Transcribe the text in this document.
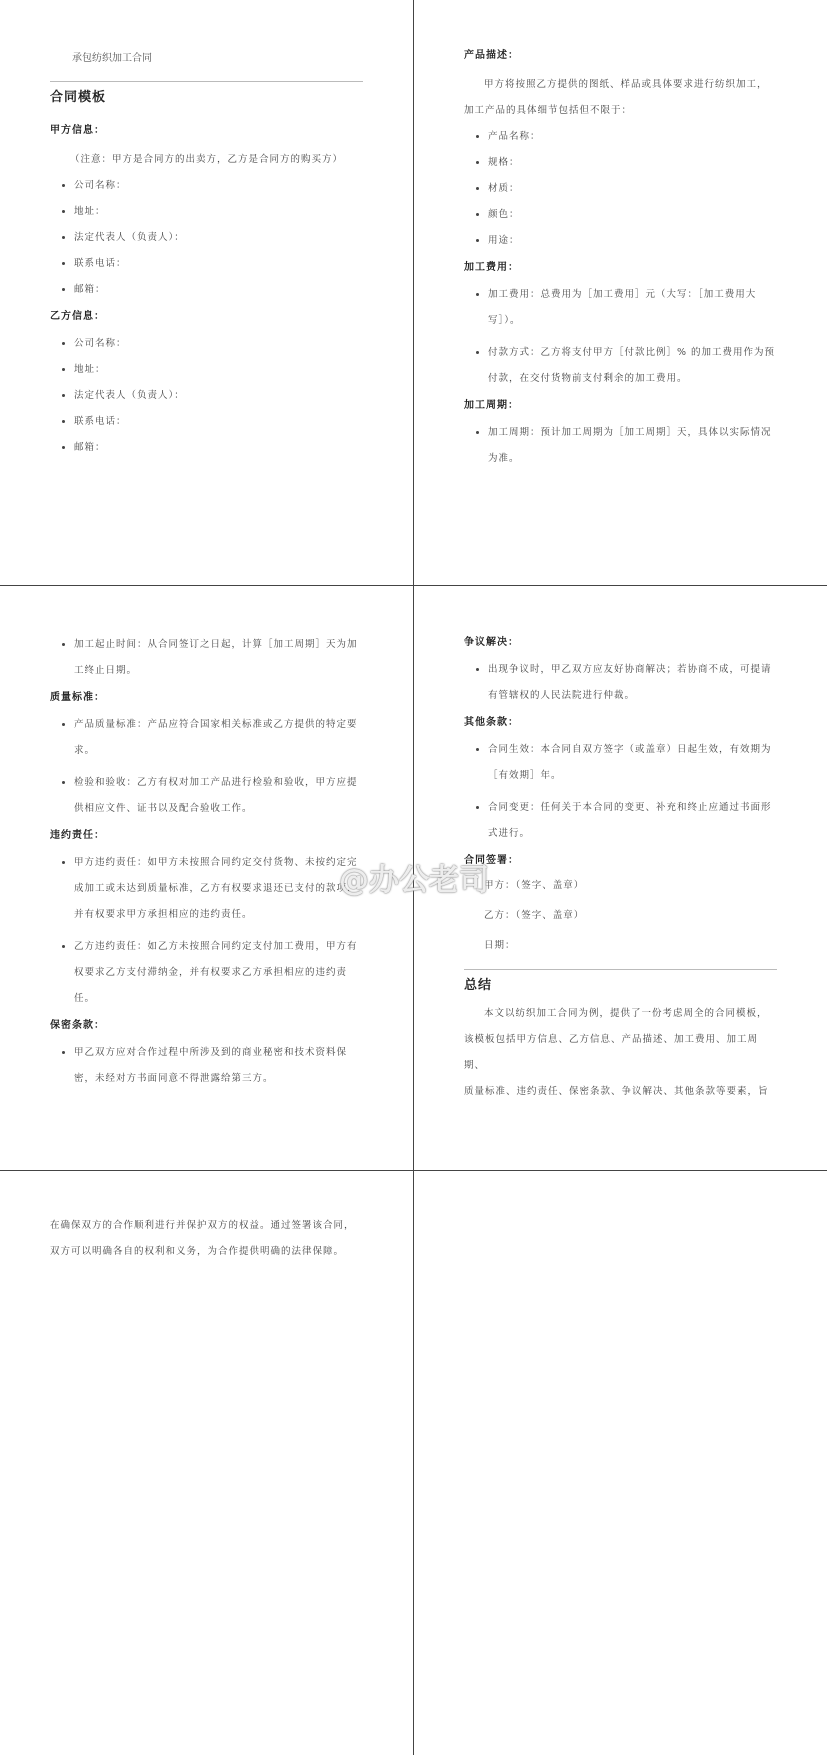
承包纺织加工合同
合同模板
甲方信息：
（注意：甲方是合同方的出卖方，乙方是合同方的购买方）
• 公司名称：
• 地址：
• 法定代表人（负责人）：
• 联系电话：
• 邮箱：
乙方信息：
• 公司名称：
• 地址：
• 法定代表人（负责人）：
• 联系电话：
• 邮箱：
产品描述：
甲方将按照乙方提供的图纸、样品或具体要求进行纺织加工，
加工产品的具体细节包括但不限于：
• 产品名称：
• 规格：
• 材质：
• 颜色：
• 用途：
加工费用：
• 加工费用：总费用为［加工费用］元（大写：［加工费用大写］）。
• 付款方式：乙方将支付甲方［付款比例］% 的加工费用作为预付款，在交付货物前支付剩余的加工费用。
加工周期：
• 加工周期：预计加工周期为［加工周期］天，具体以实际情况为准。
• 加工起止时间：从合同签订之日起，计算［加工周期］天为加工终止日期。
质量标准：
• 产品质量标准：产品应符合国家相关标准或乙方提供的特定要求。
• 检验和验收：乙方有权对加工产品进行检验和验收，甲方应提供相应文件、证书以及配合验收工作。
违约责任：
• 甲方违约责任：如甲方未按照合同约定交付货物、未按约定完成加工或未达到质量标准，乙方有权要求退还已支付的款项，并有权要求甲方承担相应的违约责任。
• 乙方违约责任：如乙方未按照合同约定支付加工费用，甲方有权要求乙方支付滞纳金，并有权要求乙方承担相应的违约责任。
保密条款：
• 甲乙双方应对合作过程中所涉及到的商业秘密和技术资料保密，未经对方书面同意不得泄露给第三方。
争议解决：
• 出现争议时，甲乙双方应友好协商解决；若协商不成，可提请有管辖权的人民法院进行仲裁。
其他条款：
• 合同生效：本合同自双方签字（或盖章）日起生效，有效期为［有效期］年。
• 合同变更：任何关于本合同的变更、补充和终止应通过书面形式进行。
合同签署：
甲方：（签字、盖章）
乙方：（签字、盖章）
日期：
总结
本文以纺织加工合同为例，提供了一份考虑周全的合同模板，
该模板包括甲方信息、乙方信息、产品描述、加工费用、加工周期、
质量标准、违约责任、保密条款、争议解决、其他条款等要素，旨
在确保双方的合作顺利进行并保护双方的权益。通过签署该合同，
双方可以明确各自的权利和义务，为合作提供明确的法律保障。
@办公老司
